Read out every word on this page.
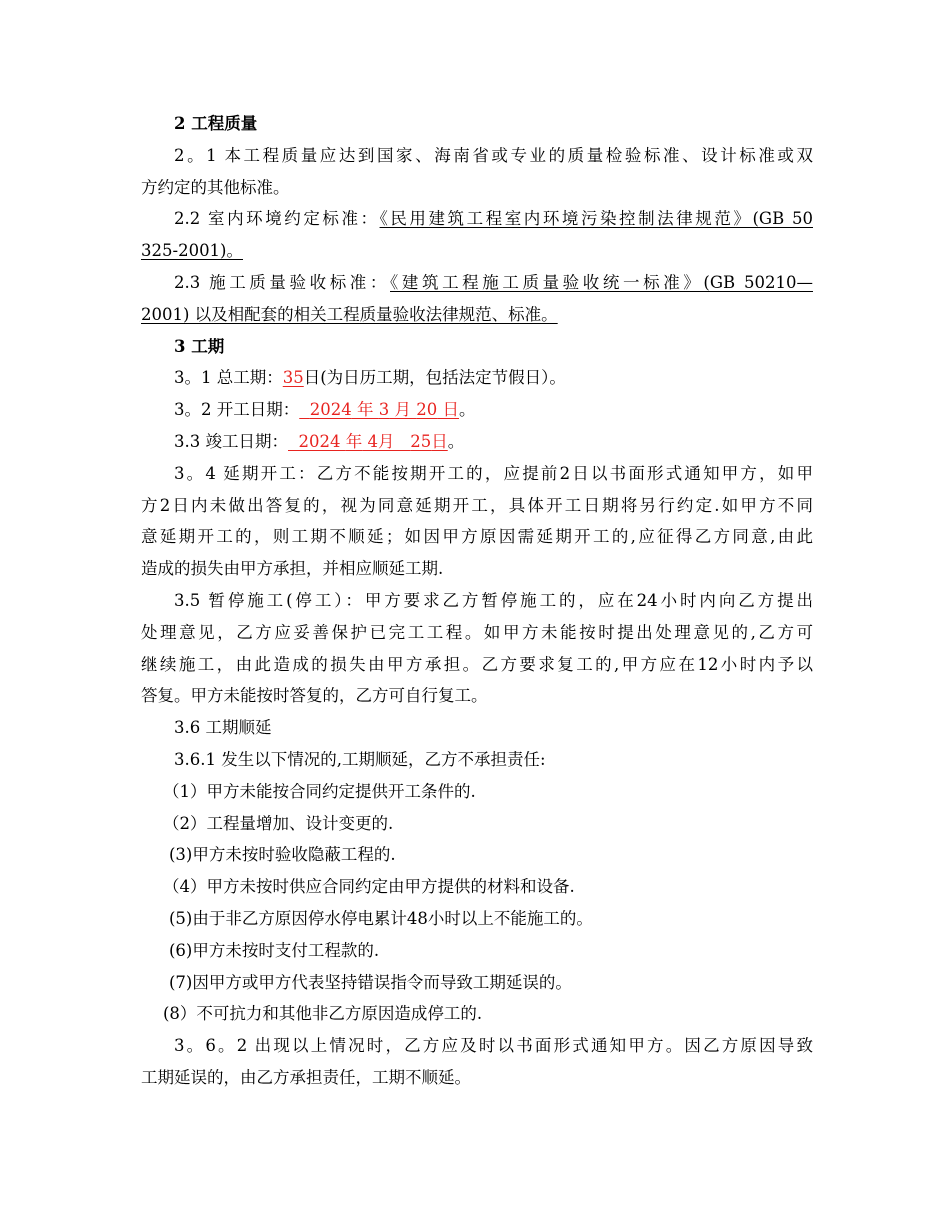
2 工程质量
2。1 本工程质量应达到国家、海南省或专业的质量检验标准、设计标准或双
方约定的其他标准。
2.2 室内环境约定标准：《民用建筑工程室内环境污染控制法律规范》(GB 50
325-2001)。
2.3 施工质量验收标准：《建筑工程施工质量验收统一标准》(GB 50210—
2001) 以及相配套的相关工程质量验收法律规范、标准。
3 工期
3。1 总工期：35日(为日历工期，包括法定节假日）。
3。2 开工日期： 2024 年 3 月 20 日。
3.3 竣工日期： 2024 年 4月 25日。
3。4 延期开工：乙方不能按期开工的，应提前2日以书面形式通知甲方，如甲
方2日内未做出答复的，视为同意延期开工，具体开工日期将另行约定.如甲方不同
意延期开工的，则工期不顺延；如因甲方原因需延期开工的,应征得乙方同意,由此
造成的损失由甲方承担，并相应顺延工期.
3.5 暂停施工(停工）：甲方要求乙方暂停施工的，应在24小时内向乙方提出
处理意见，乙方应妥善保护已完工工程。如甲方未能按时提出处理意见的,乙方可
继续施工，由此造成的损失由甲方承担。乙方要求复工的,甲方应在12小时内予以
答复。甲方未能按时答复的，乙方可自行复工。
3.6 工期顺延
3.6.1 发生以下情况的,工期顺延，乙方不承担责任:
（1）甲方未能按合同约定提供开工条件的.
（2）工程量增加、设计变更的.
(3)甲方未按时验收隐蔽工程的.
（4）甲方未按时供应合同约定由甲方提供的材料和设备.
(5)由于非乙方原因停水停电累计48小时以上不能施工的。
(6)甲方未按时支付工程款的.
(7)因甲方或甲方代表坚持错误指令而导致工期延误的。
(8）不可抗力和其他非乙方原因造成停工的.
3。6。2 出现以上情况时，乙方应及时以书面形式通知甲方。因乙方原因导致
工期延误的，由乙方承担责任，工期不顺延。
